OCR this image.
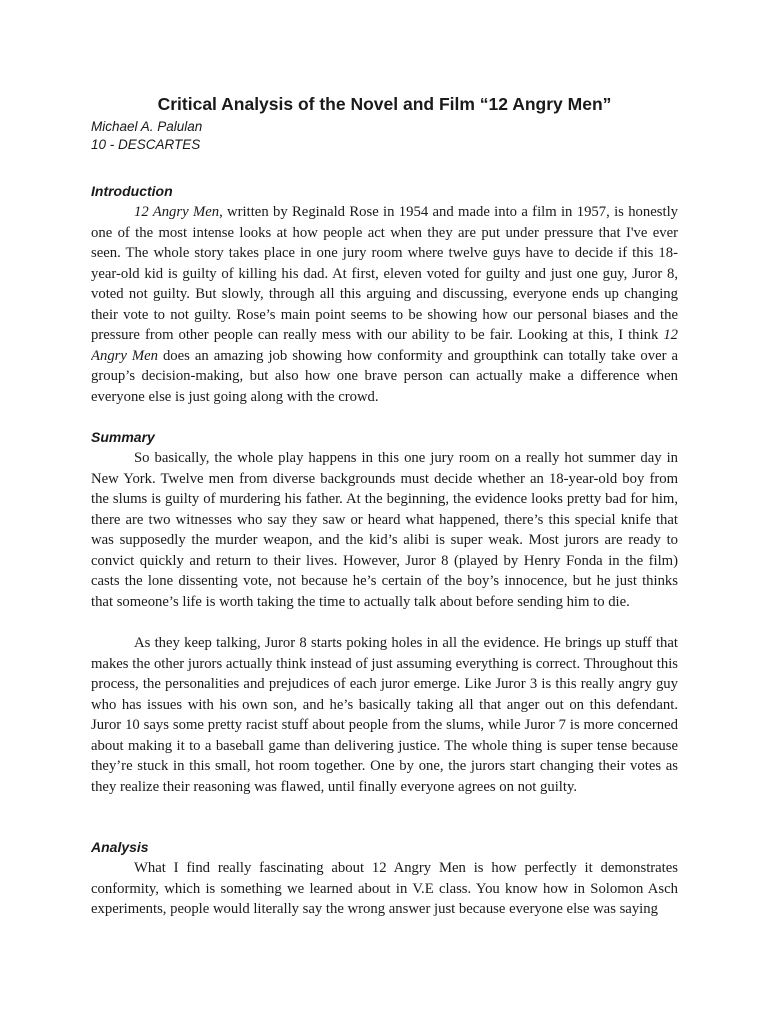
Critical Analysis of the Novel and Film “12 Angry Men”
Michael A. Palulan
10 - DESCARTES
Introduction

12 Angry Men, written by Reginald Rose in 1954 and made into a film in 1957, is honestly one of the most intense looks at how people act when they are put under pressure that I've ever seen. The whole story takes place in one jury room where twelve guys have to decide if this 18-year-old kid is guilty of killing his dad. At first, eleven voted for guilty and just one guy, Juror 8, voted not guilty. But slowly, through all this arguing and discussing, everyone ends up changing their vote to not guilty. Rose’s main point seems to be showing how our personal biases and the pressure from other people can really mess with our ability to be fair. Looking at this, I think 12 Angry Men does an amazing job showing how conformity and groupthink can totally take over a group’s decision-making, but also how one brave person can actually make a difference when everyone else is just going along with the crowd.

Summary

So basically, the whole play happens in this one jury room on a really hot summer day in New York. Twelve men from diverse backgrounds must decide whether an 18-year-old boy from the slums is guilty of murdering his father. At the beginning, the evidence looks pretty bad for him, there are two witnesses who say they saw or heard what happened, there’s this special knife that was supposedly the murder weapon, and the kid’s alibi is super weak. Most jurors are ready to convict quickly and return to their lives. However, Juror 8 (played by Henry Fonda in the film) casts the lone dissenting vote, not because he’s certain of the boy’s innocence, but he just thinks that someone’s life is worth taking the time to actually talk about before sending him to die.

As they keep talking, Juror 8 starts poking holes in all the evidence. He brings up stuff that makes the other jurors actually think instead of just assuming everything is correct. Throughout this process, the personalities and prejudices of each juror emerge. Like Juror 3 is this really angry guy who has issues with his own son, and he’s basically taking all that anger out on this defendant. Juror 10 says some pretty racist stuff about people from the slums, while Juror 7 is more concerned about making it to a baseball game than delivering justice. The whole thing is super tense because they’re stuck in this small, hot room together. One by one, the jurors start changing their votes as they realize their reasoning was flawed, until finally everyone agrees on not guilty.

Analysis

What I find really fascinating about 12 Angry Men is how perfectly it demonstrates conformity, which is something we learned about in V.E class. You know how in Solomon Asch experiments, people would literally say the wrong answer just because everyone else was saying
